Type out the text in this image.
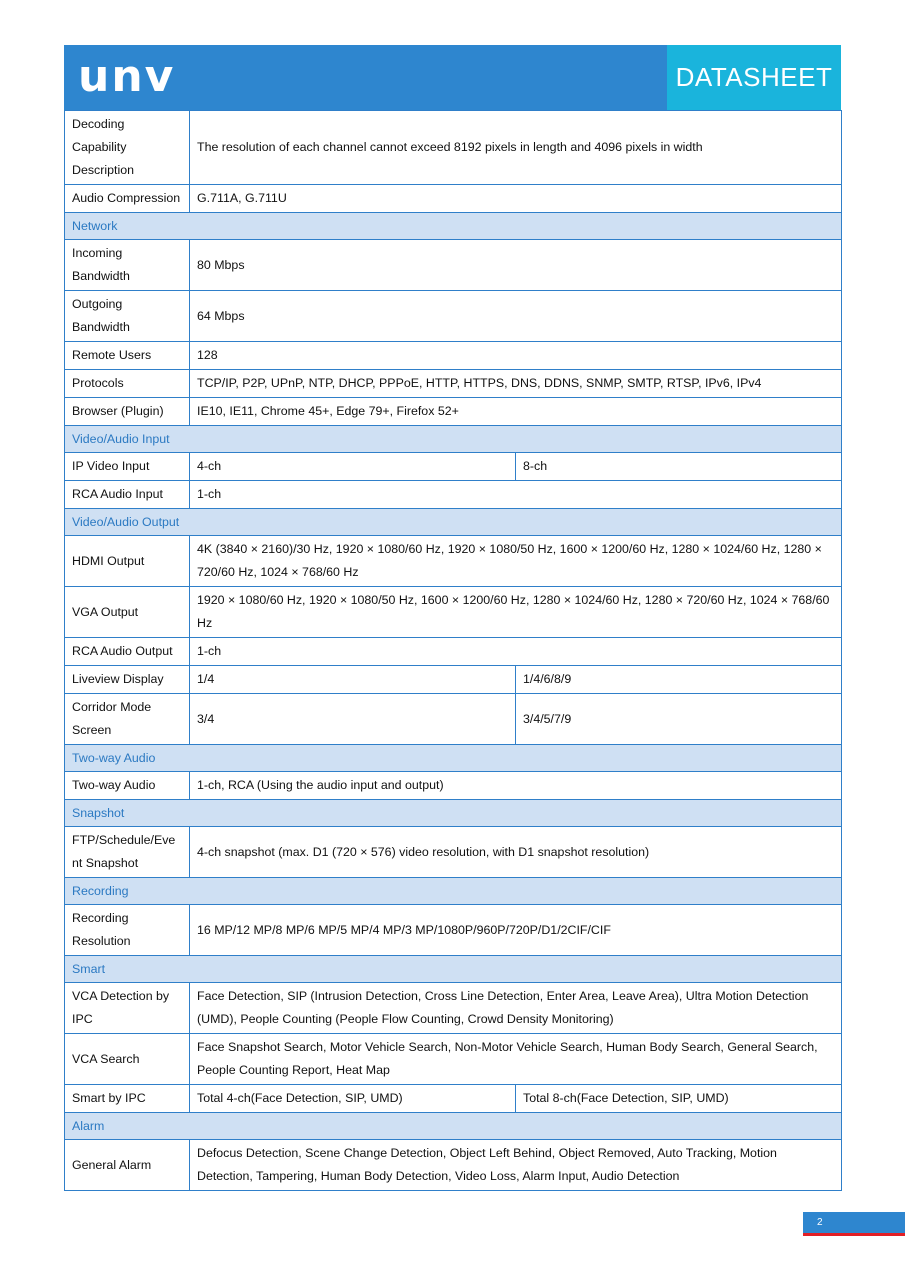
unv	DATASHEET
Decoding Capability Description	The resolution of each channel cannot exceed 8192 pixels in length and 4096 pixels in width	
Audio Compression	G.711A, G.711U	
Network		
Incoming Bandwidth	80 Mbps	
Outgoing Bandwidth	64 Mbps	
Remote Users	128	
Protocols	TCP/IP, P2P, UPnP, NTP, DHCP, PPPoE, HTTP, HTTPS, DNS, DDNS, SNMP, SMTP, RTSP, IPv6, IPv4	
Browser (Plugin)	IE10, IE11, Chrome 45+, Edge 79+, Firefox 52+	
Video/Audio Input		
IP Video Input	4-ch	8-ch
RCA Audio Input	1-ch	
Video/Audio Output		
HDMI Output	4K (3840 × 2160)/30 Hz, 1920 × 1080/60 Hz, 1920 × 1080/50 Hz, 1600 × 1200/60 Hz, 1280 × 1024/60 Hz, 1280 × 720/60 Hz, 1024 × 768/60 Hz	
VGA Output	1920 × 1080/60 Hz, 1920 × 1080/50 Hz, 1600 × 1200/60 Hz, 1280 × 1024/60 Hz, 1280 × 720/60 Hz, 1024 × 768/60 Hz	
RCA Audio Output	1-ch	
Liveview Display	1/4	1/4/6/8/9
Corridor Mode Screen	3/4	3/4/5/7/9
Two-way Audio		
Two-way Audio	1-ch, RCA (Using the audio input and output)	
Snapshot		
FTP/Schedule/Event Snapshot	4-ch snapshot (max. D1 (720 × 576) video resolution, with D1 snapshot resolution)	
Recording		
Recording Resolution	16 MP/12 MP/8 MP/6 MP/5 MP/4 MP/3 MP/1080P/960P/720P/D1/2CIF/CIF	
Smart		
VCA Detection by IPC	Face Detection, SIP (Intrusion Detection, Cross Line Detection, Enter Area, Leave Area), Ultra Motion Detection (UMD), People Counting (People Flow Counting, Crowd Density Monitoring)	
VCA Search	Face Snapshot Search, Motor Vehicle Search, Non-Motor Vehicle Search, Human Body Search, General Search, People Counting Report, Heat Map	
Smart by IPC	Total 4-ch(Face Detection, SIP, UMD)	Total 8-ch(Face Detection, SIP, UMD)
Alarm		
General Alarm	Defocus Detection, Scene Change Detection, Object Left Behind, Object Removed, Auto Tracking, Motion Detection, Tampering, Human Body Detection, Video Loss, Alarm Input, Audio Detection	
2
